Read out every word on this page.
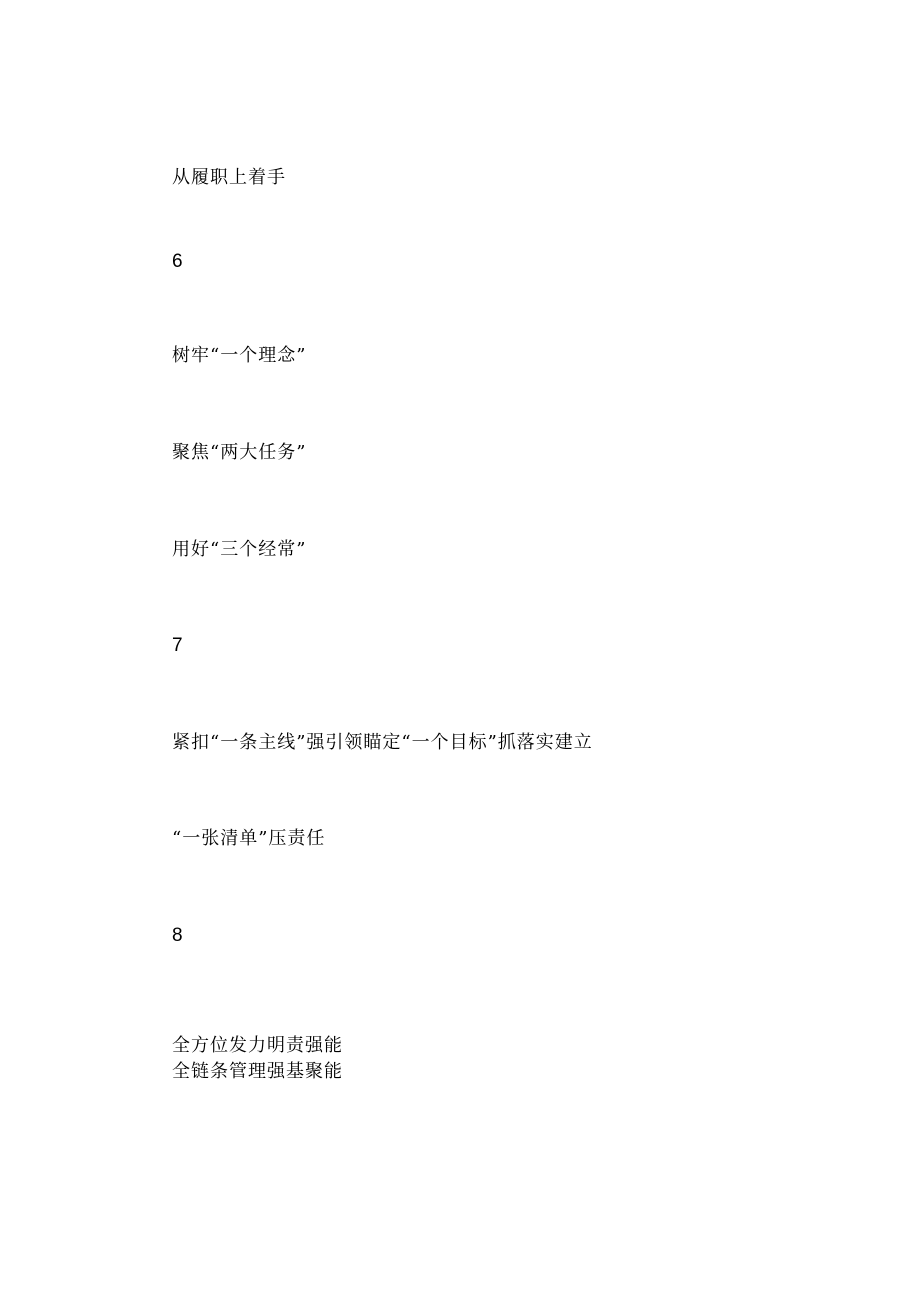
从履职上着手
6
树牢“一个理念”
聚焦“两大任务”
用好“三个经常”
7
紧扣“一条主线”强引领瞄定“一个目标”抓落实建立
“一张清单”压责任
8
全方位发力明责强能
全链条管理强基聚能
